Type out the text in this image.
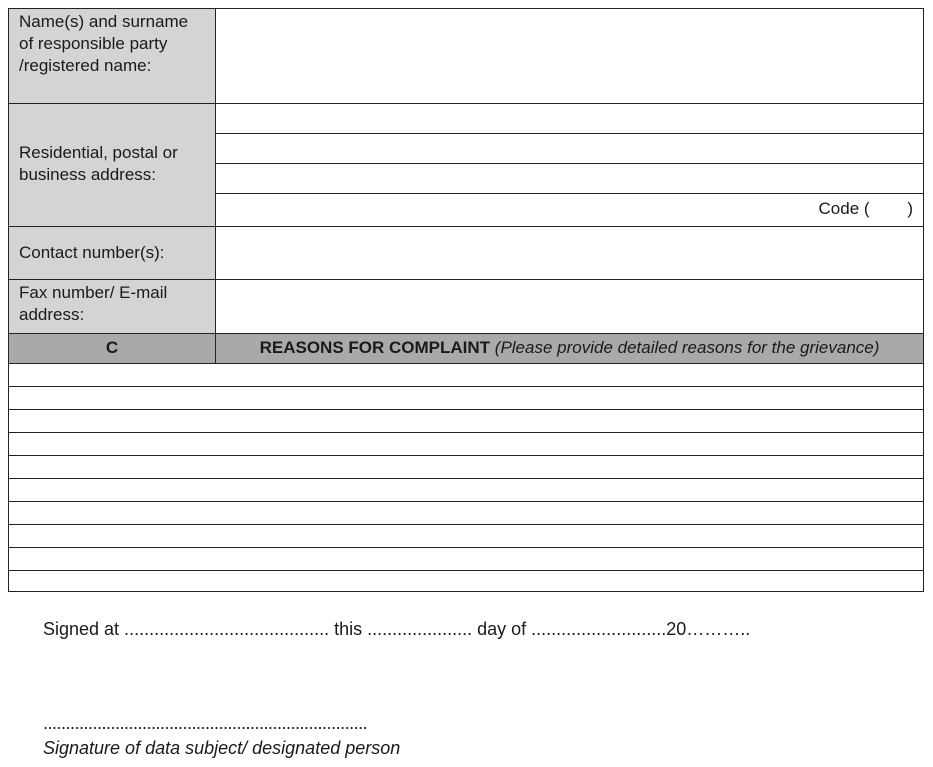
Name(s) and surname
of responsible party
/registered name:
Residential, postal or
business address:
Code (        )
Contact number(s):
Fax number/ E-mail
address:
C	REASONS FOR COMPLAINT (Please provide detailed reasons for the grievance)
Signed at ......................................... this ..................... day of ...........................20………..
........................................................................
Signature of data subject/ designated person
